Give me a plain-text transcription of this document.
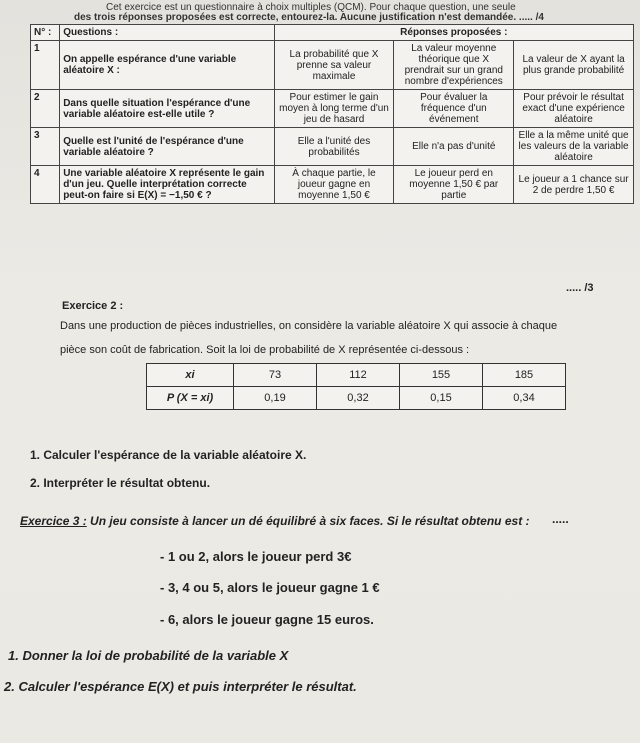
Cet exercice est un questionnaire à choix multiples (QCM). Pour chaque question, une seule
des trois réponses proposées est correcte, entourez-la. Aucune justification n'est demandée. ..... /4
N° :	Questions :	Réponses proposées :		
1	On appelle espérance d'une variable aléatoire X :	La probabilité que X prenne sa valeur maximale	La valeur moyenne théorique que X prendrait sur un grand nombre d'expériences	La valeur de X ayant la plus grande probabilité
2	Dans quelle situation l'espérance d'une variable aléatoire est-elle utile ?	Pour estimer le gain moyen à long terme d'un jeu de hasard	Pour évaluer la fréquence d'un événement	Pour prévoir le résultat exact d'une expérience aléatoire
3	Quelle est l'unité de l'espérance d'une variable aléatoire ?	Elle a l'unité des probabilités	Elle n'a pas d'unité	Elle a la même unité que les valeurs de la variable aléatoire
4	Une variable aléatoire X représente le gain d'un jeu. Quelle interprétation correcte peut-on faire si E(X) = −1,50 € ?	À chaque partie, le joueur gagne en moyenne 1,50 €	Le joueur perd en moyenne 1,50 € par partie	Le joueur a 1 chance sur 2 de perdre 1,50 €
..... /3
Exercice 2 :
Dans une production de pièces industrielles, on considère la variable aléatoire X qui associe à chaque
pièce son coût de fabrication. Soit la loi de probabilité de X représentée ci-dessous :
xi	73	112	155	185
P (X = xi)	0,19	0,32	0,15	0,34
1. Calculer l'espérance de la variable aléatoire X.
2. Interpréter le résultat obtenu.
Exercice 3 : Un jeu consiste à lancer un dé équilibré à six faces. Si le résultat obtenu est : .....
- 1 ou 2, alors le joueur perd 3€
- 3, 4 ou 5, alors le joueur gagne 1 €
- 6, alors le joueur gagne 15 euros.
1. Donner la loi de probabilité de la variable X
2. Calculer l'espérance E(X) et puis interpréter le résultat.
